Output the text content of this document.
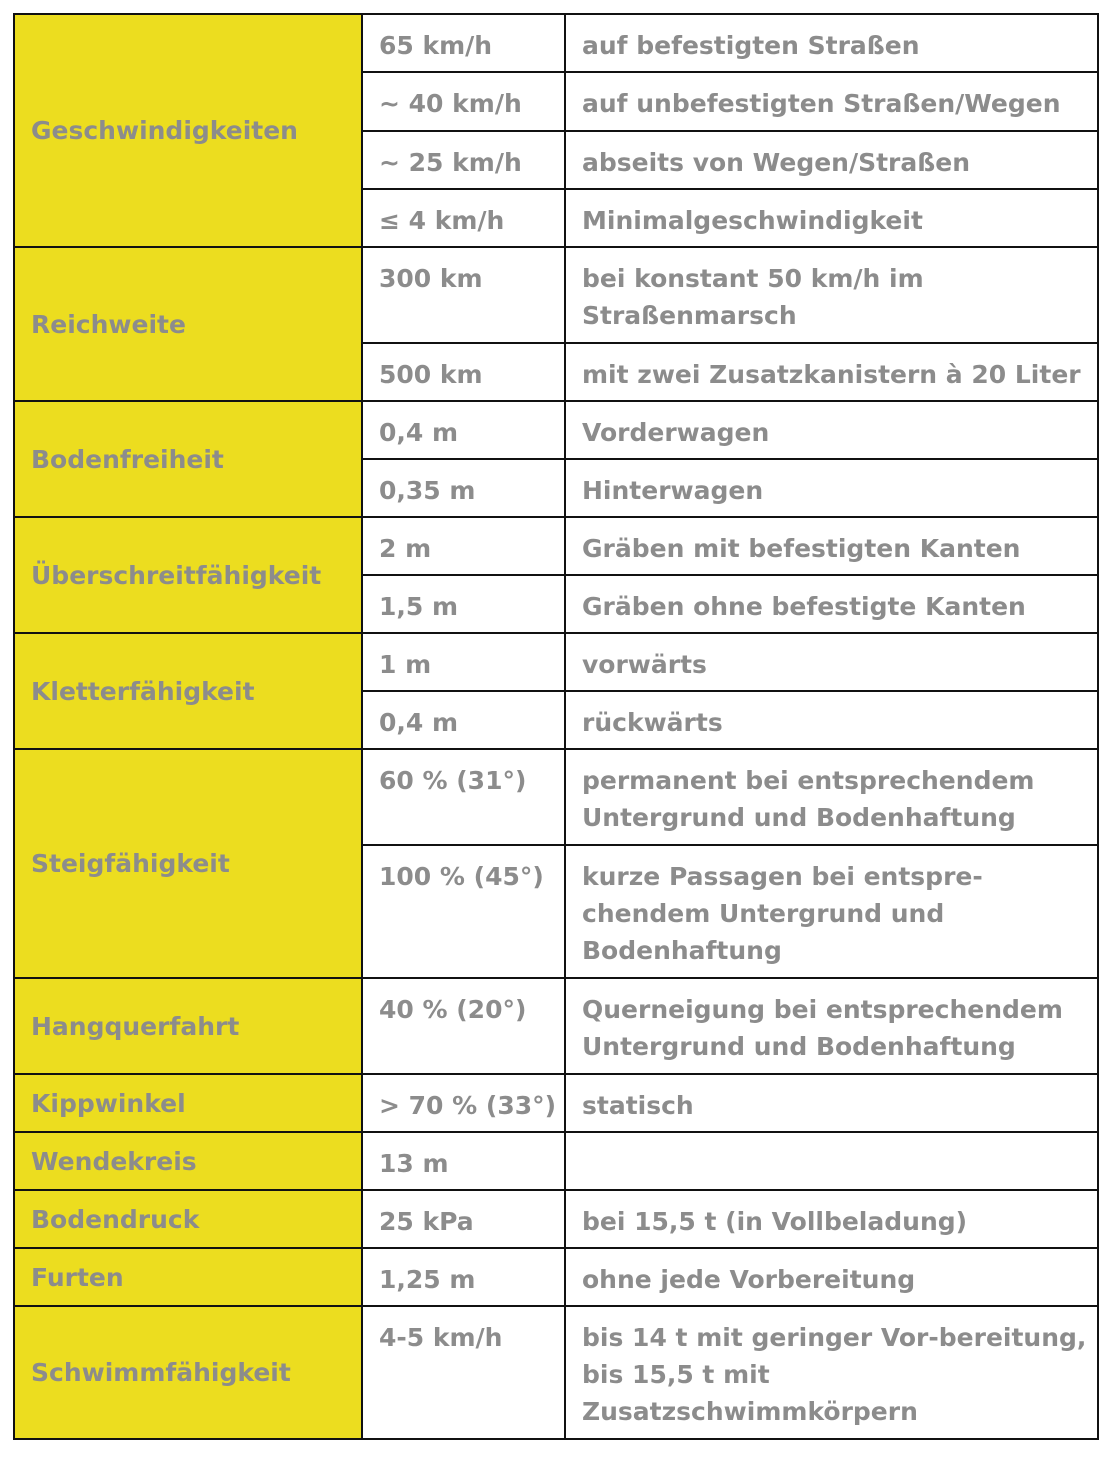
Geschwindigkeiten	65 km/h	auf befestigten Straßen
	~ 40 km/h	auf unbefestigten Straßen/Wegen
	~ 25 km/h	abseits von Wegen/Straßen
	≤ 4 km/h	Minimalgeschwindigkeit
Reichweite	300 km	bei konstant 50 km/h im Straßenmarsch
	500 km	mit zwei Zusatzkanistern à 20 Liter
Bodenfreiheit	0,4 m	Vorderwagen
	0,35 m	Hinterwagen
Überschreitfähigkeit	2 m	Gräben mit befestigten Kanten
	1,5 m	Gräben ohne befestigte Kanten
Kletterfähigkeit	1 m	vorwärts
	0,4 m	rückwärts
Steigfähigkeit	60 % (31°)	permanent bei entsprechendem Untergrund und Bodenhaftung
	100 % (45°)	kurze Passagen bei entspre-chendem Untergrund und Bodenhaftung
Hangquerfahrt	40 % (20°)	Querneigung bei entsprechendem Untergrund und Bodenhaftung
Kippwinkel	> 70 % (33°)	statisch
Wendekreis	13 m	
Bodendruck	25 kPa	bei 15,5 t (in Vollbeladung)
Furten	1,25 m	ohne jede Vorbereitung
Schwimmfähigkeit	4-5 km/h	bis 14 t mit geringer Vor-bereitung, bis 15,5 t mit Zusatzschwimmkörpern
